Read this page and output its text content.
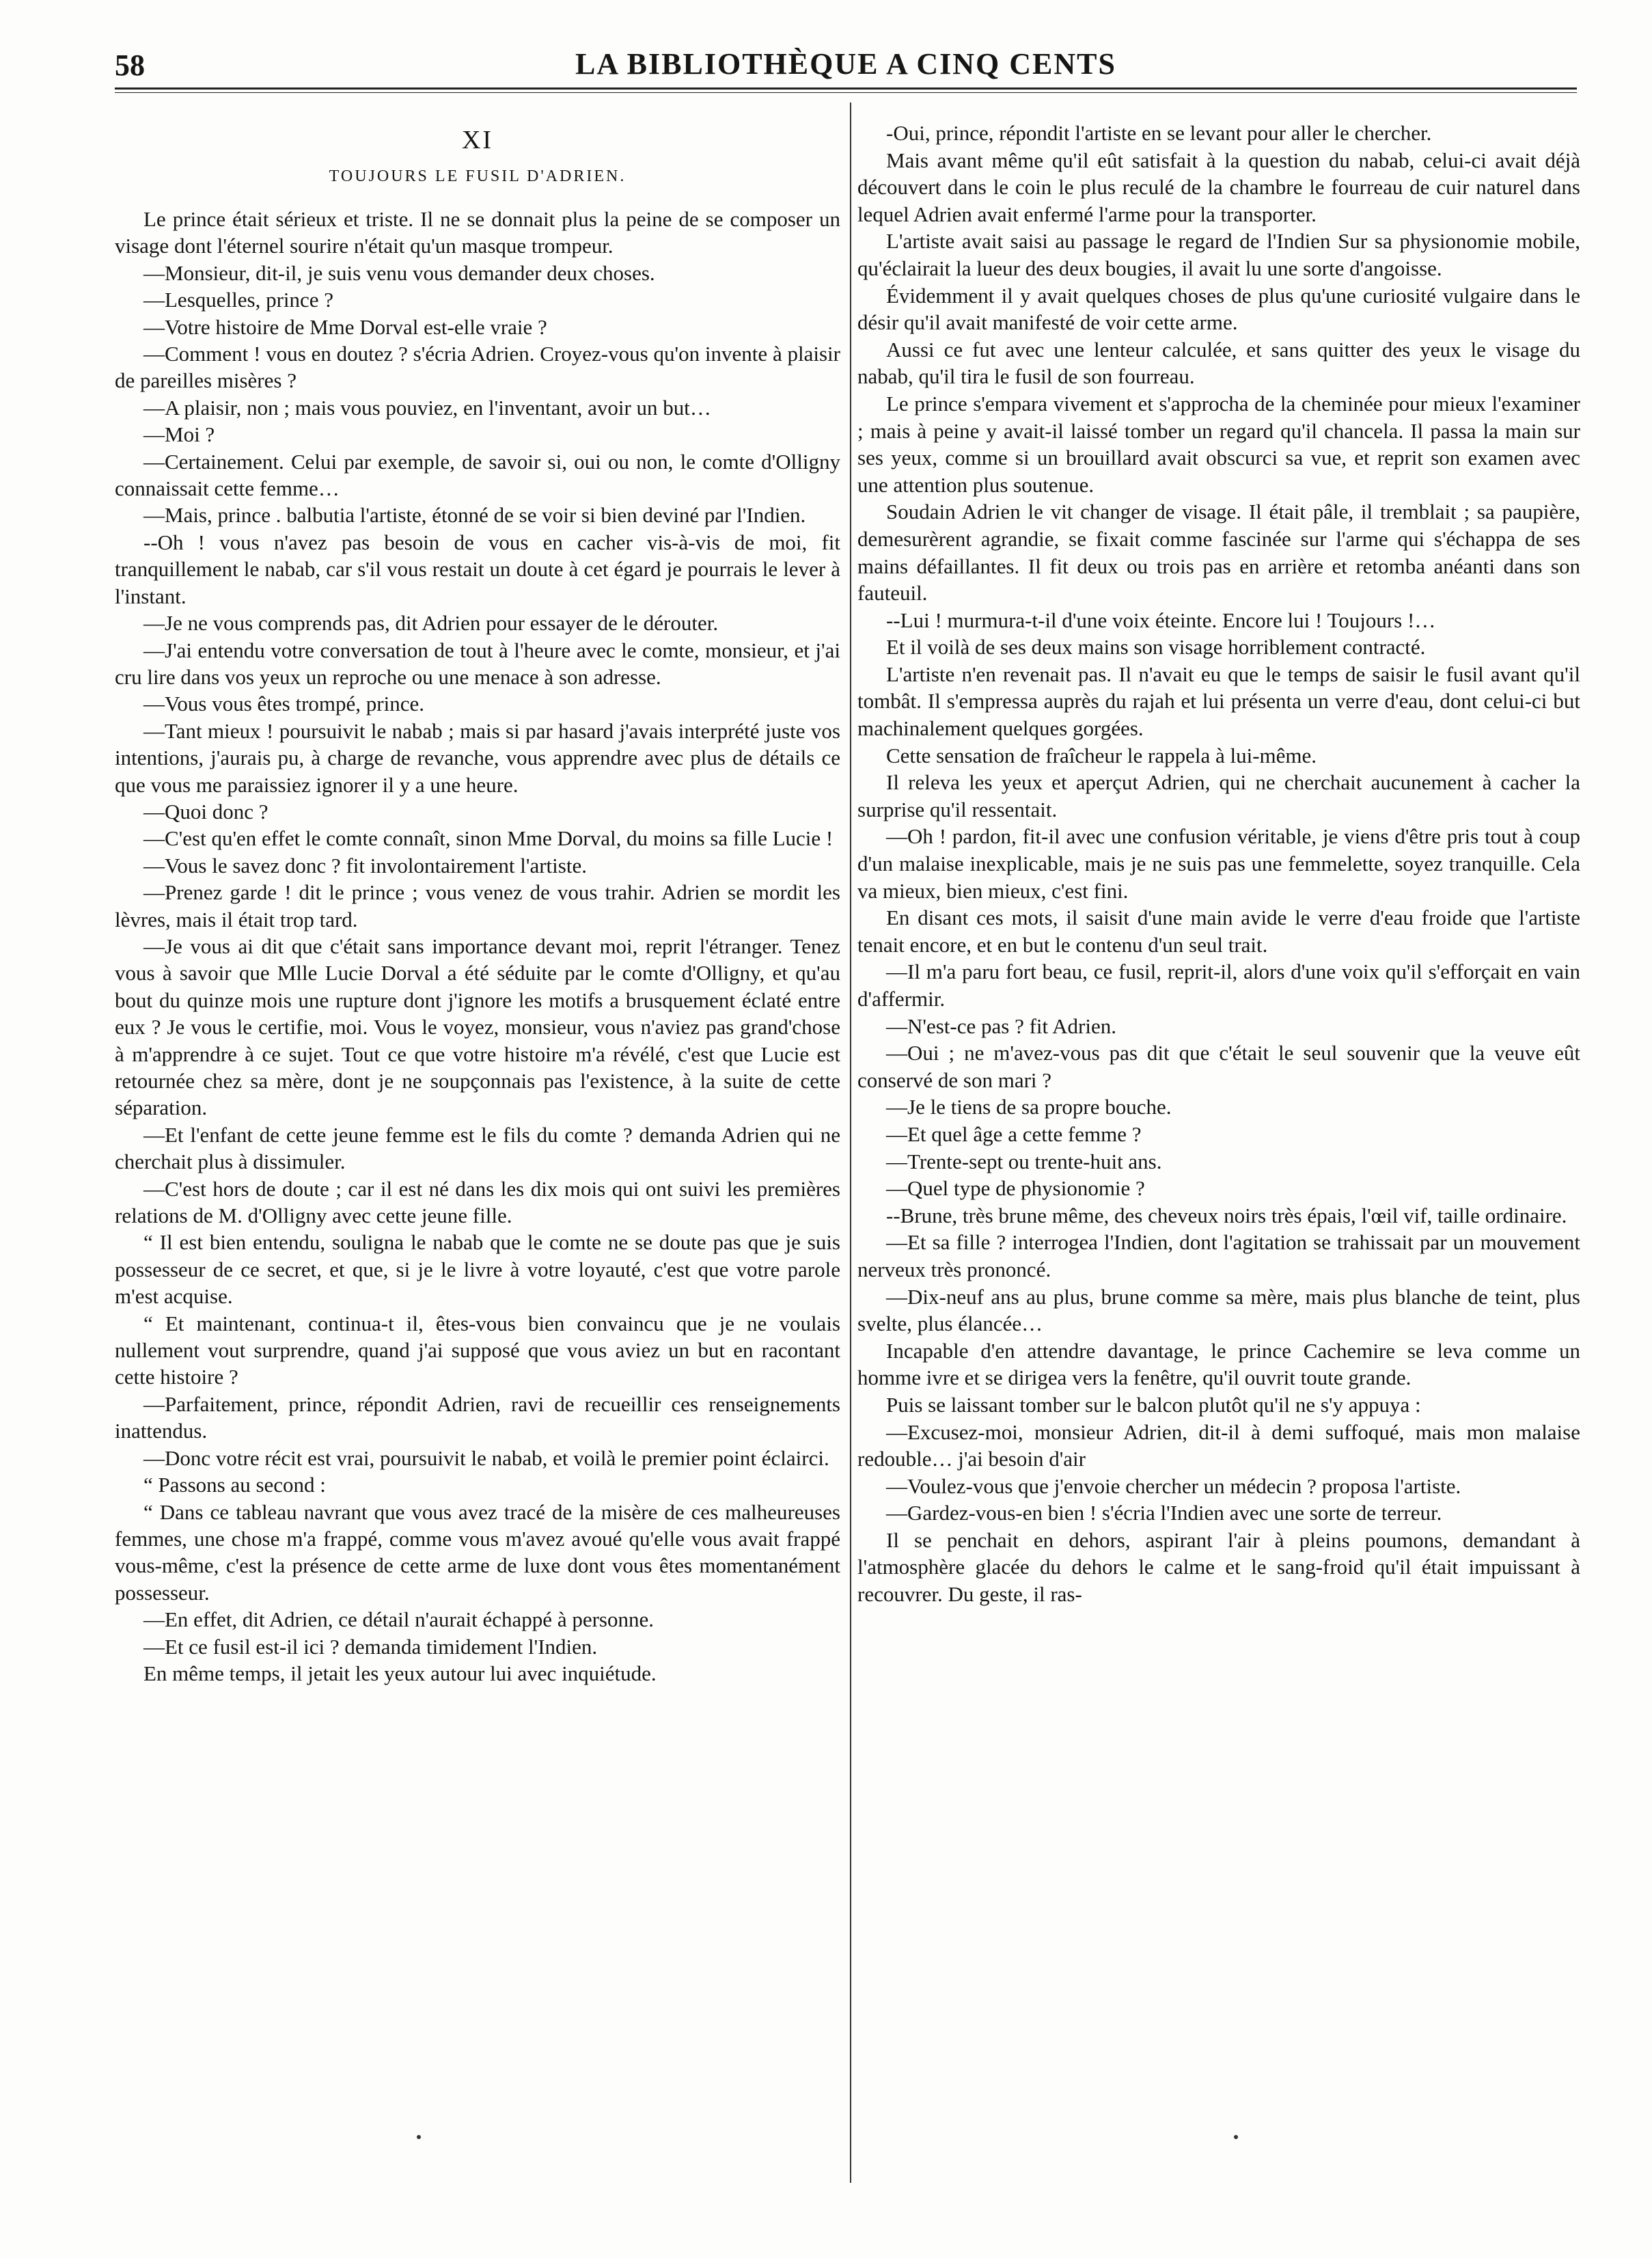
58	LA BIBLIOTHÈQUE A CINQ CENTS
XI
TOUJOURS LE FUSIL D'ADRIEN.

Le prince était sérieux et triste. Il ne se donnait plus la peine de se composer un visage dont l'éternel sourire n'était qu'un masque trompeur.

—Monsieur, dit-il, je suis venu vous demander deux choses.

—Lesquelles, prince ?

—Votre histoire de Mme Dorval est-elle vraie ?

—Comment ! vous en doutez ? s'écria Adrien. Croyez-vous qu'on invente à plaisir de pareilles misères ?

—A plaisir, non ; mais vous pouviez, en l'inventant, avoir un but…

—Moi ?

—Certainement. Celui par exemple, de savoir si, oui ou non, le comte d'Olligny connaissait cette femme…

—Mais, prince . balbutia l'artiste, étonné de se voir si bien deviné par l'Indien.

--Oh ! vous n'avez pas besoin de vous en cacher vis-à-vis de moi, fit tranquillement le nabab, car s'il vous restait un doute à cet égard je pourrais le lever à l'instant.

—Je ne vous comprends pas, dit Adrien pour essayer de le dérouter.

—J'ai entendu votre conversation de tout à l'heure avec le comte, monsieur, et j'ai cru lire dans vos yeux un reproche ou une menace à son adresse.

—Vous vous êtes trompé, prince.

—Tant mieux ! poursuivit le nabab ; mais si par hasard j'avais interprété juste vos intentions, j'aurais pu, à charge de revanche, vous apprendre avec plus de détails ce que vous me paraissiez ignorer il y a une heure.

—Quoi donc ?

—C'est qu'en effet le comte connaît, sinon Mme Dorval, du moins sa fille Lucie !

—Vous le savez donc ? fit involontairement l'artiste.

—Prenez garde ! dit le prince ; vous venez de vous trahir. Adrien se mordit les lèvres, mais il était trop tard.

—Je vous ai dit que c'était sans importance devant moi, reprit l'étranger. Tenez vous à savoir que Mlle Lucie Dorval a été séduite par le comte d'Olligny, et qu'au bout du quinze mois une rupture dont j'ignore les motifs a brusquement éclaté entre eux ? Je vous le certifie, moi. Vous le voyez, monsieur, vous n'aviez pas grand'chose à m'apprendre à ce sujet. Tout ce que votre histoire m'a révélé, c'est que Lucie est retournée chez sa mère, dont je ne soupçonnais pas l'existence, à la suite de cette séparation.

—Et l'enfant de cette jeune femme est le fils du comte ? demanda Adrien qui ne cherchait plus à dissimuler.

—C'est hors de doute ; car il est né dans les dix mois qui ont suivi les premières relations de M. d'Olligny avec cette jeune fille.

“ Il est bien entendu, souligna le nabab que le comte ne se doute pas que je suis possesseur de ce secret, et que, si je le livre à votre loyauté, c'est que votre parole m'est acquise.

“ Et maintenant, continua-t il, êtes-vous bien convaincu que je ne voulais nullement vout surprendre, quand j'ai supposé que vous aviez un but en racontant cette histoire ?

—Parfaitement, prince, répondit Adrien, ravi de recueillir ces renseignements inattendus.

—Donc votre récit est vrai, poursuivit le nabab, et voilà le premier point éclairci.

“ Passons au second :

“ Dans ce tableau navrant que vous avez tracé de la misère de ces malheureuses femmes, une chose m'a frappé, comme vous m'avez avoué qu'elle vous avait frappé vous-même, c'est la présence de cette arme de luxe dont vous êtes momentanément possesseur.

—En effet, dit Adrien, ce détail n'aurait échappé à personne.

—Et ce fusil est-il ici ? demanda timidement l'Indien.

En même temps, il jetait les yeux autour lui avec inquiétude.

-Oui, prince, répondit l'artiste en se levant pour aller le chercher.

Mais avant même qu'il eût satisfait à la question du nabab, celui-ci avait déjà découvert dans le coin le plus reculé de la chambre le fourreau de cuir naturel dans lequel Adrien avait enfermé l'arme pour la transporter.

L'artiste avait saisi au passage le regard de l'Indien Sur sa physionomie mobile, qu'éclairait la lueur des deux bougies, il avait lu une sorte d'angoisse.

Évidemment il y avait quelques choses de plus qu'une curiosité vulgaire dans le désir qu'il avait manifesté de voir cette arme.

Aussi ce fut avec une lenteur calculée, et sans quitter des yeux le visage du nabab, qu'il tira le fusil de son fourreau.

Le prince s'empara vivement et s'approcha de la cheminée pour mieux l'examiner ; mais à peine y avait-il laissé tomber un regard qu'il chancela. Il passa la main sur ses yeux, comme si un brouillard avait obscurci sa vue, et reprit son examen avec une attention plus soutenue.

Soudain Adrien le vit changer de visage. Il était pâle, il tremblait ; sa paupière, demesurèrent agrandie, se fixait comme fascinée sur l'arme qui s'échappa de ses mains défaillantes. Il fit deux ou trois pas en arrière et retomba anéanti dans son fauteuil.

--Lui ! murmura-t-il d'une voix éteinte. Encore lui ! Toujours !…

Et il voilà de ses deux mains son visage horriblement contracté.

L'artiste n'en revenait pas. Il n'avait eu que le temps de saisir le fusil avant qu'il tombât. Il s'empressa auprès du rajah et lui présenta un verre d'eau, dont celui-ci but machinalement quelques gorgées.

Cette sensation de fraîcheur le rappela à lui-même.

Il releva les yeux et aperçut Adrien, qui ne cherchait aucunement à cacher la surprise qu'il ressentait.

—Oh ! pardon, fit-il avec une confusion véritable, je viens d'être pris tout à coup d'un malaise inexplicable, mais je ne suis pas une femmelette, soyez tranquille. Cela va mieux, bien mieux, c'est fini.

En disant ces mots, il saisit d'une main avide le verre d'eau froide que l'artiste tenait encore, et en but le contenu d'un seul trait.

—Il m'a paru fort beau, ce fusil, reprit-il, alors d'une voix qu'il s'efforçait en vain d'affermir.

—N'est-ce pas ? fit Adrien.

—Oui ; ne m'avez-vous pas dit que c'était le seul souvenir que la veuve eût conservé de son mari ?

—Je le tiens de sa propre bouche.

—Et quel âge a cette femme ?

—Trente-sept ou trente-huit ans.

—Quel type de physionomie ?

--Brune, très brune même, des cheveux noirs très épais, l'œil vif, taille ordinaire.

—Et sa fille ? interrogea l'Indien, dont l'agitation se trahissait par un mouvement nerveux très prononcé.

—Dix-neuf ans au plus, brune comme sa mère, mais plus blanche de teint, plus svelte, plus élancée…

Incapable d'en attendre davantage, le prince Cachemire se leva comme un homme ivre et se dirigea vers la fenêtre, qu'il ouvrit toute grande.

Puis se laissant tomber sur le balcon plutôt qu'il ne s'y appuya :

—Excusez-moi, monsieur Adrien, dit-il à demi suffoqué, mais mon malaise redouble… j'ai besoin d'air

—Voulez-vous que j'envoie chercher un médecin ? proposa l'artiste.

—Gardez-vous-en bien ! s'écria l'Indien avec une sorte de terreur.

Il se penchait en dehors, aspirant l'air à pleins poumons, demandant à l'atmosphère glacée du dehors le calme et le sang-froid qu'il était impuissant à recouvrer. Du geste, il ras-
